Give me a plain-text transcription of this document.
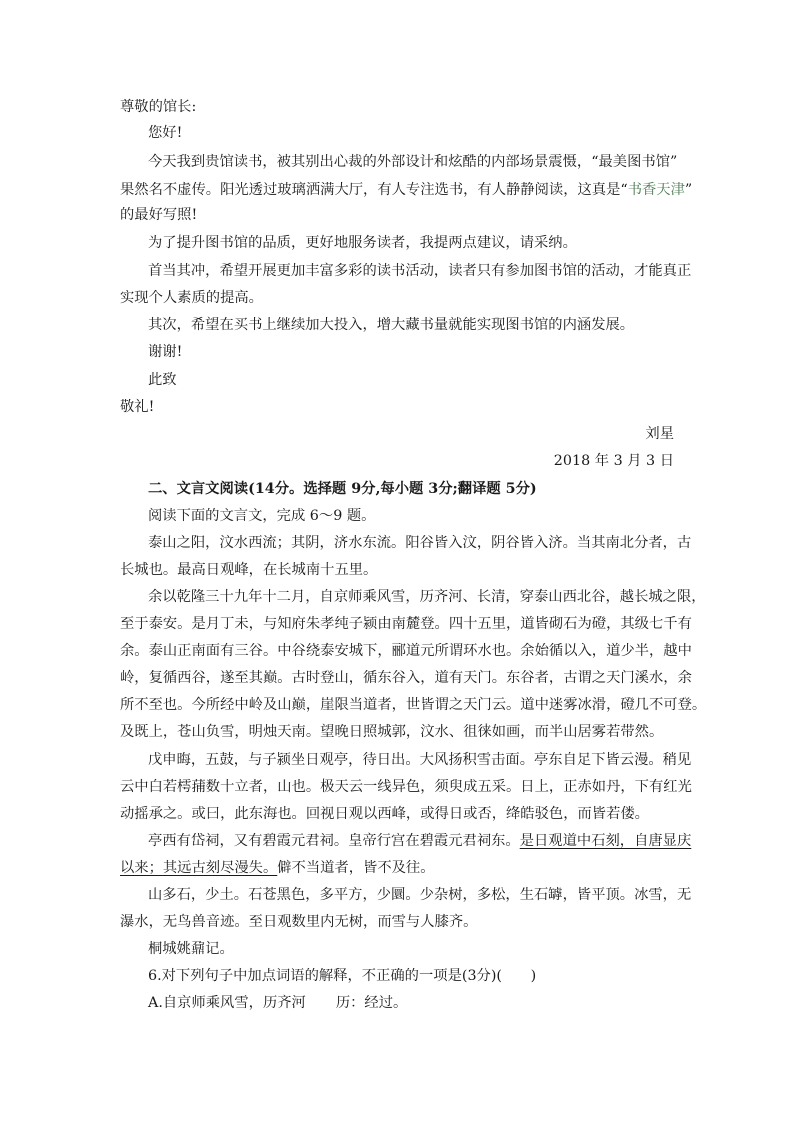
尊敬的馆长:
您好!
今天我到贵馆读书，被其别出心裁的外部设计和炫酷的内部场景震慑，“最美图书馆”
果然名不虚传。阳光透过玻璃洒满大厅，有人专注选书，有人静静阅读，这真是“书香天津”
的最好写照!
为了提升图书馆的品质，更好地服务读者，我提两点建议，请采纳。
首当其冲，希望开展更加丰富多彩的读书活动，读者只有参加图书馆的活动，才能真正
实现个人素质的提高。
其次，希望在买书上继续加大投入，增大藏书量就能实现图书馆的内涵发展。
谢谢!
此致
敬礼!
刘星
2018 年 3 月 3 日
二、文言文阅读(14分。选择题 9分,每小题 3分;翻译题 5分)
阅读下面的文言文，完成 6～9 题。
泰山之阳，汶水西流；其阴，济水东流。阳谷皆入汶，阴谷皆入济。当其南北分者，古
长城也。最高日观峰，在长城南十五里。
余以乾隆三十九年十二月，自京师乘风雪，历齐河、长清，穿泰山西北谷，越长城之限，
至于泰安。是月丁未，与知府朱孝纯子颍由南麓登。四十五里，道皆砌石为磴，其级七千有
余。泰山正南面有三谷。中谷绕泰安城下，郦道元所谓环水也。余始循以入，道少半，越中
岭，复循西谷，遂至其巅。古时登山，循东谷入，道有天门。东谷者，古谓之天门溪水，余
所不至也。今所经中岭及山巅，崖限当道者，世皆谓之天门云。道中迷雾冰滑，磴几不可登。
及既上，苍山负雪，明烛天南。望晚日照城郭，汶水、徂徕如画，而半山居雾若带然。
戊申晦，五鼓，与子颍坐日观亭，待日出。大风扬积雪击面。亭东自足下皆云漫。稍见
云中白若樗蒱数十立者，山也。极天云一线异色，须臾成五采。日上，正赤如丹，下有红光
动摇承之。或曰，此东海也。回视日观以西峰，或得日或否，绛皓驳色，而皆若偻。
亭西有岱祠，又有碧霞元君祠。皇帝行宫在碧霞元君祠东。是日观道中石刻，自唐显庆
以来；其远古刻尽漫失。僻不当道者，皆不及往。
山多石，少土。石苍黑色，多平方，少圜。少杂树，多松，生石罅，皆平顶。冰雪，无
瀑水，无鸟兽音迹。至日观数里内无树，而雪与人膝齐。
桐城姚鼐记。
6.对下列句子中加点词语的解释，不正确的一项是(3分)(　　)
A.自京师乘风雪，历齐河 历：经过。
